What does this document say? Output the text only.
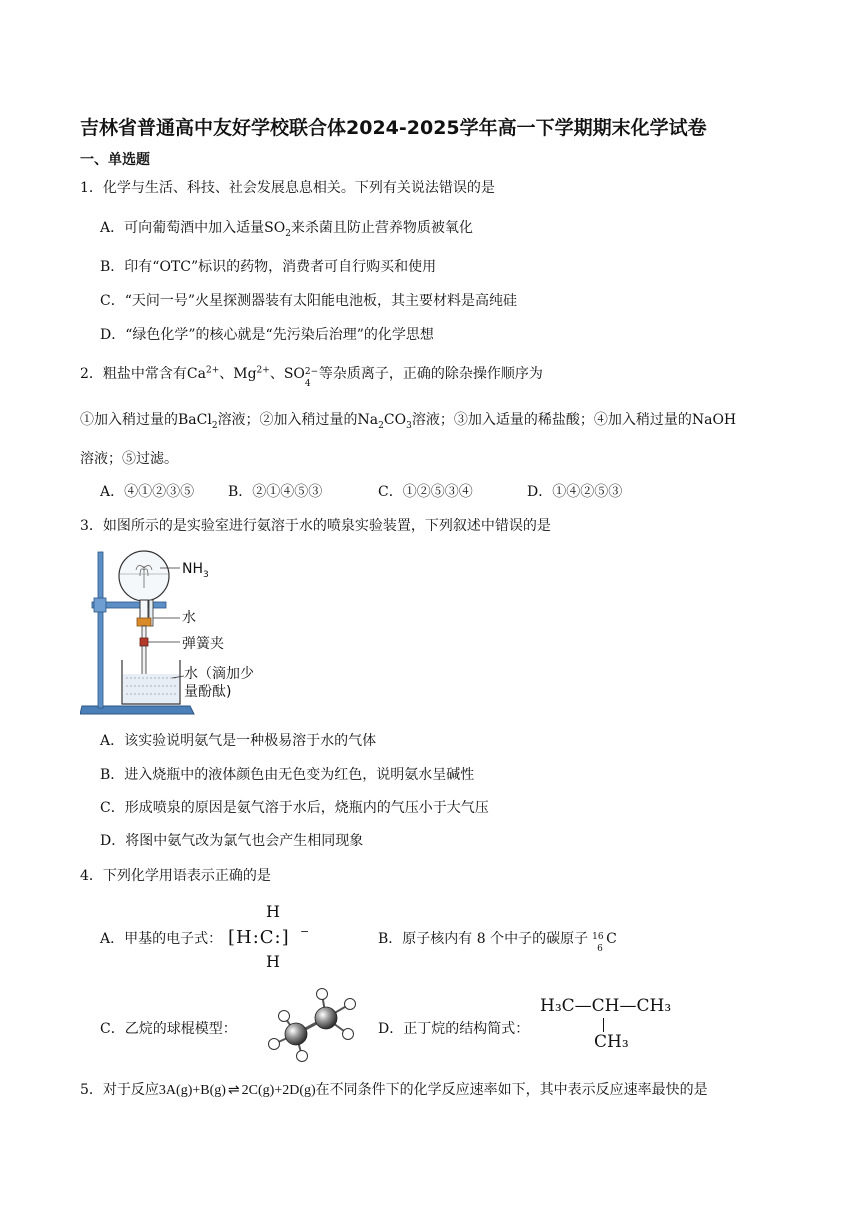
吉林省普通高中友好学校联合体2024-2025学年高一下学期期末化学试卷
一、单选题
1．化学与生活、科技、社会发展息息相关。下列有关说法错误的是
A．可向葡萄酒中加入适量$SO_2$来杀菌且防止营养物质被氧化
B．印有“OTC”标识的药物，消费者可自行购买和使用
C．“天问一号”火星探测器装有太阳能电池板，其主要材料是高纯硅
D．“绿色化学”的核心就是“先污染后治理”的化学思想
2．粗盐中常含有$Ca^{2+}$、$Mg^{2+}$、SO 2−
4
等杂质离子，正确的除杂操作顺序为
①加入稍过量的BaCl$_2$溶液；②加入稍过量的$Na_2CO_3$溶液；③加入适量的稀盐酸；④加入稍过量的NaOH
溶液；⑤过滤。
A．④①②③⑤ B．②①④⑤③	C．①②⑤③④	D．①④②⑤③
3．如图所示的是实验室进行氨溶于水的喷泉实验装置，下列叙述中错误的是
$NH_3$
水
弹簧夹
水（滴加少
量酚酞)
A．该实验说明氨气是一种极易溶于水的气体
B．进入烧瓶中的液体颜色由无色变为红色，说明氨水呈碱性
C．形成喷泉的原因是氨气溶于水后，烧瓶内的气压小于大气压
D．将图中氨气改为氯气也会产生相同现象
4．下列化学用语表示正确的是
A．甲基的电子式：
H
[H:C:] −
H
B．原子核内有 8 个中子的碳原子 16
6
C
C．乙烷的球棍模型：	D．正丁烷的结构简式：
H₃C—CH—CH₃
CH₃
5．对于反应3A(g)+B(g) ⇌ 2C(g)+2D(g)在不同条件下的化学反应速率如下，其中表示反应速率最快的是
